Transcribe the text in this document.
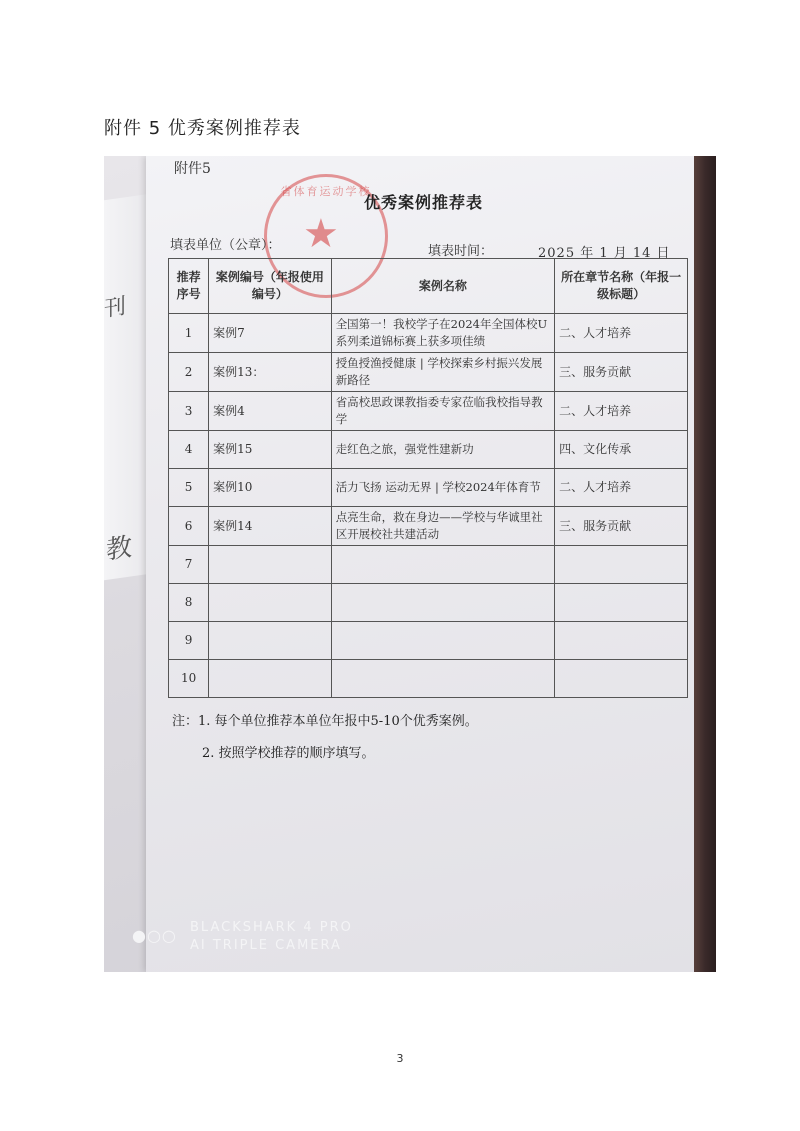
附件 5 优秀案例推荐表
刊
教
附件5
省体育运动学校
★
优秀案例推荐表
填表单位（公章）：	填表时间：	2025 年 1 月 14 日
推荐序号	案例编号（年报使用编号）	案例名称	所在章节名称（年报一级标题）
1	案例7	全国第一！我校学子在2024年全国体校U系列柔道锦标赛上获多项佳绩	二、人才培养
2	案例13：	授鱼授渔授健康 | 学校探索乡村振兴发展新路径	三、服务贡献
3	案例4	省高校思政课教指委专家莅临我校指导教学	二、人才培养
4	案例15	走红色之旅，强党性建新功	四、文化传承
5	案例10	活力飞扬 运动无界 | 学校2024年体育节	二、人才培养
6	案例14	点亮生命，救在身边——学校与华诚里社区开展校社共建活动	三、服务贡献
7			
8			
9			
10			
注：1. 每个单位推荐本单位年报中5-10个优秀案例。
2. 按照学校推荐的顺序填写。
●○○ BLACKSHARK 4 PRO
AI TRIPLE CAMERA
3
